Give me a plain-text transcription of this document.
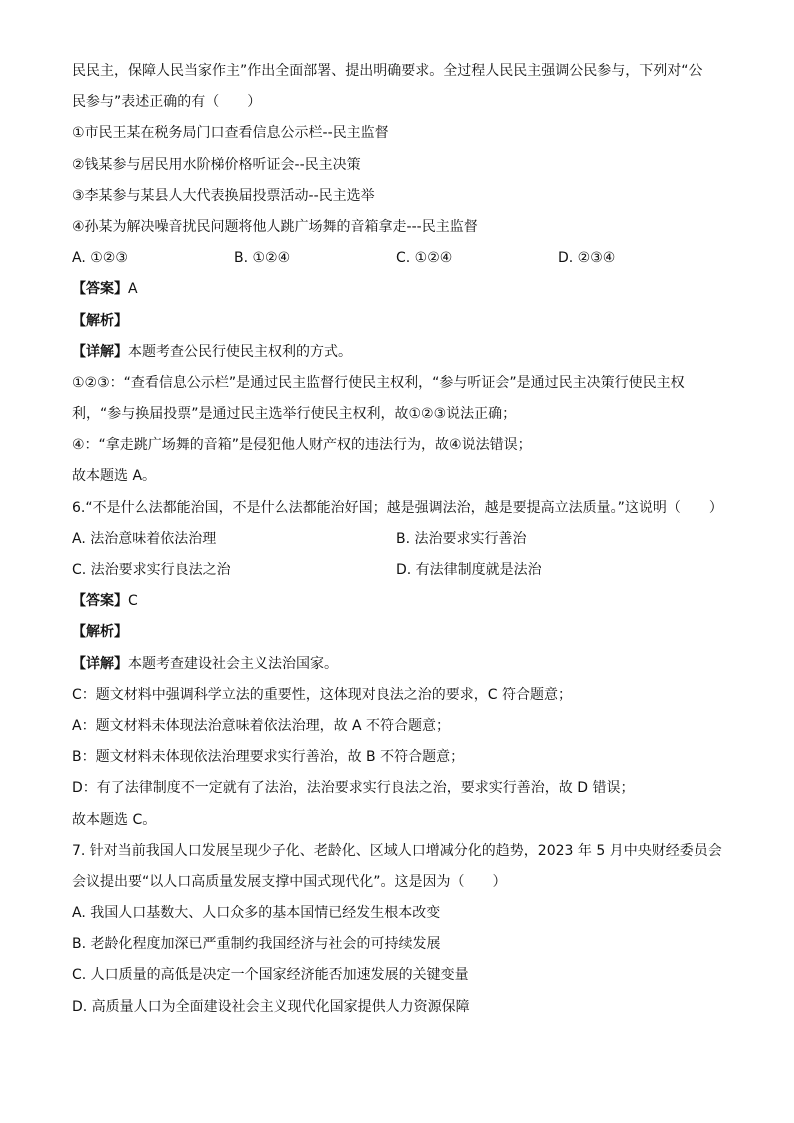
民民主，保障人民当家作主”作出全面部署、提出明确要求。全过程人民民主强调公民参与，下列对“公
民参与”表述正确的有（　　）
①市民王某在税务局门口查看信息公示栏--民主监督
②钱某参与居民用水阶梯价格听证会--民主决策
③李某参与某县人大代表换届投票活动--民主选举
④孙某为解决噪音扰民问题将他人跳广场舞的音箱拿走---民主监督
A. ①②③	B. ①②④	C. ①②④	D. ②③④
【答案】A
【解析】
【详解】本题考查公民行使民主权利的方式。
①②③：“查看信息公示栏”是通过民主监督行使民主权利，“参与听证会”是通过民主决策行使民主权
利，“参与换届投票”是通过民主选举行使民主权利，故①②③说法正确；
④：“拿走跳广场舞的音箱”是侵犯他人财产权的违法行为，故④说法错误；
故本题选 A。
6.“不是什么法都能治国，不是什么法都能治好国；越是强调法治，越是要提高立法质量。”这说明（　　）
A. 法治意味着依法治理	B. 法治要求实行善治
C. 法治要求实行良法之治	D. 有法律制度就是法治
【答案】C
【解析】
【详解】本题考查建设社会主义法治国家。
C：题文材料中强调科学立法的重要性，这体现对良法之治的要求，C 符合题意；
A：题文材料未体现法治意味着依法治理，故 A 不符合题意；
B：题文材料未体现依法治理要求实行善治，故 B 不符合题意；
D：有了法律制度不一定就有了法治，法治要求实行良法之治，要求实行善治，故 D 错误；
故本题选 C。
7. 针对当前我国人口发展呈现少子化、老龄化、区域人口增减分化的趋势，2023 年 5 月中央财经委员会
会议提出要“以人口高质量发展支撑中国式现代化”。这是因为（　　）
A. 我国人口基数大、人口众多的基本国情已经发生根本改变
B. 老龄化程度加深已严重制约我国经济与社会的可持续发展
C. 人口质量的高低是决定一个国家经济能否加速发展的关键变量
D. 高质量人口为全面建设社会主义现代化国家提供人力资源保障
